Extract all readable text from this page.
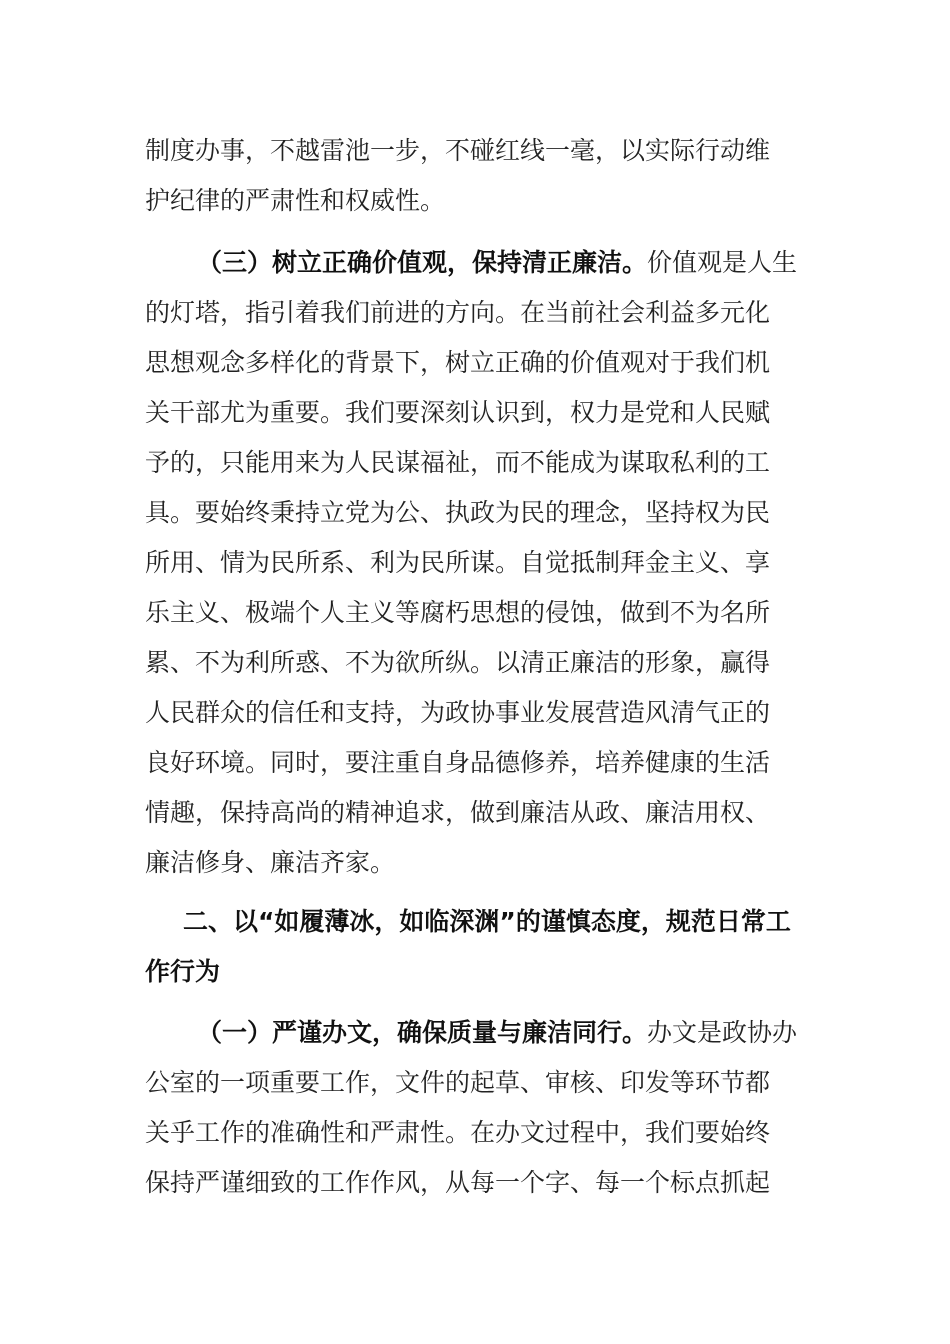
制度办事，不越雷池一步，不碰红线一毫，以实际行动维
护纪律的严肃性和权威性。
（三）树立正确价值观，保持清正廉洁。价值观是人生
的灯塔，指引着我们前进的方向。在当前社会利益多元化
思想观念多样化的背景下，树立正确的价值观对于我们机
关干部尤为重要。我们要深刻认识到，权力是党和人民赋
予的，只能用来为人民谋福祉，而不能成为谋取私利的工
具。要始终秉持立党为公、执政为民的理念，坚持权为民
所用、情为民所系、利为民所谋。自觉抵制拜金主义、享
乐主义、极端个人主义等腐朽思想的侵蚀，做到不为名所
累、不为利所惑、不为欲所纵。以清正廉洁的形象，赢得
人民群众的信任和支持，为政协事业发展营造风清气正的
良好环境。同时，要注重自身品德修养，培养健康的生活
情趣，保持高尚的精神追求，做到廉洁从政、廉洁用权、
廉洁修身、廉洁齐家。
二、以“如履薄冰，如临深渊”的谨慎态度，规范日常工
作行为
（一）严谨办文，确保质量与廉洁同行。办文是政协办
公室的一项重要工作，文件的起草、审核、印发等环节都
关乎工作的准确性和严肃性。在办文过程中，我们要始终
保持严谨细致的工作作风，从每一个字、每一个标点抓起
